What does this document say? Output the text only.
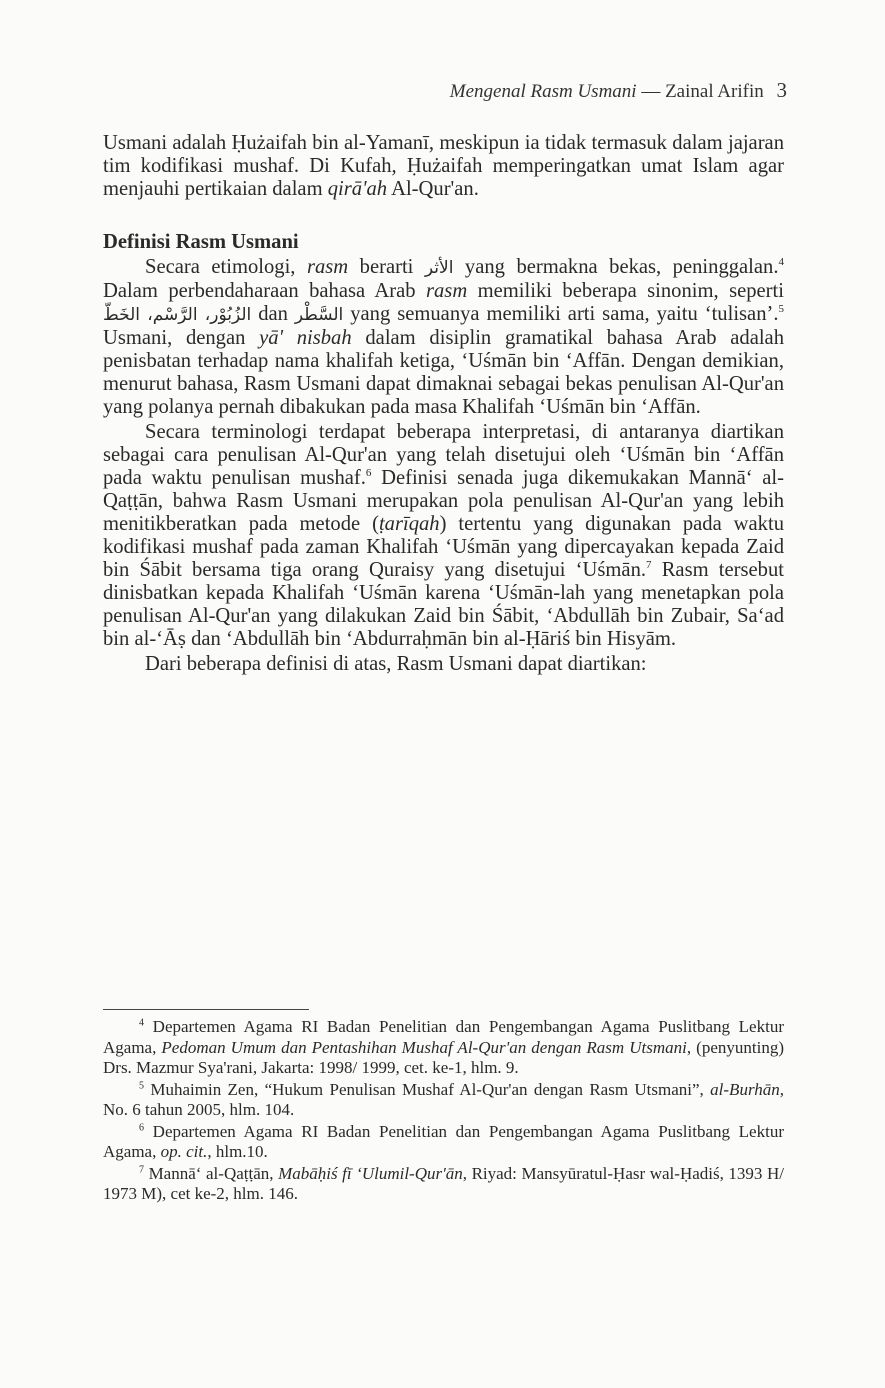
Mengenal Rasm Usmani — Zainal Arifin 3

Usmani adalah Ḥużaifah bin al-Yamanī, meskipun ia tidak termasuk dalam jajaran tim kodifikasi mushaf. Di Kufah, Ḥużaifah memperingatkan umat Islam agar menjauhi pertikaian dalam qirā'ah Al-Qur'an.

Definisi Rasm Usmani

Secara etimologi, rasm berarti الأثر yang bermakna bekas, peninggalan.$^4$ Dalam perbendaharaan bahasa Arab rasm memiliki beberapa sinonim, seperti الزُبُوْر، الرَّسْم، الخَطّ dan السَّطْر yang semuanya memiliki arti sama, yaitu ‘tulisan’.$^5$ Usmani, dengan yā' nisbah dalam disiplin gramatikal bahasa Arab adalah penisbatan terhadap nama khalifah ketiga, ‘Uśmān bin ‘Affān. Dengan demikian, menurut bahasa, Rasm Usmani dapat dimaknai sebagai bekas penulisan Al-Qur'an yang polanya pernah dibakukan pada masa Khalifah ‘Uśmān bin ‘Affān.

Secara terminologi terdapat beberapa interpretasi, di antaranya diartikan sebagai cara penulisan Al-Qur'an yang telah disetujui oleh ‘Uśmān bin ‘Affān pada waktu penulisan mushaf.$^6$ Definisi senada juga dikemukakan Mannā‘ al-Qaṭṭān, bahwa Rasm Usmani merupakan pola penulisan Al-Qur'an yang lebih menitikberatkan pada metode (ṭarīqah) tertentu yang digunakan pada waktu kodifikasi mushaf pada zaman Khalifah ‘Uśmān yang dipercayakan kepada Zaid bin Śābit bersama tiga orang Quraisy yang disetujui ‘Uśmān.$^7$ Rasm tersebut dinisbatkan kepada Khalifah ‘Uśmān karena ‘Uśmān-lah yang menetapkan pola penulisan Al-Qur'an yang dilakukan Zaid bin Śābit, ‘Abdullāh bin Zubair, Sa‘ad bin al-‘Āṣ dan ‘Abdullāh bin ‘Abdurraḥmān bin al-Ḥāriś bin Hisyām.

Dari beberapa definisi di atas, Rasm Usmani dapat diartikan:

$^4$ Departemen Agama RI Badan Penelitian dan Pengembangan Agama Puslitbang Lektur Agama, Pedoman Umum dan Pentashihan Mushaf Al-Qur'an dengan Rasm Utsmani, (penyunting) Drs. Mazmur Sya'rani, Jakarta: 1998/ 1999, cet. ke-1, hlm. 9.

$^5$ Muhaimin Zen, “Hukum Penulisan Mushaf Al-Qur'an dengan Rasm Utsmani”, al-Burhān, No. 6 tahun 2005, hlm. 104.

$^6$ Departemen Agama RI Badan Penelitian dan Pengembangan Agama Puslitbang Lektur Agama, op. cit., hlm.10.

$^7$ Mannā‘ al-Qaṭṭān, Mabāḥiś fī ‘Ulumil-Qur'ān, Riyad: Mansyūratul-Ḥasr wal-Ḥadiś, 1393 H/ 1973 M), cet ke-2, hlm. 146.
